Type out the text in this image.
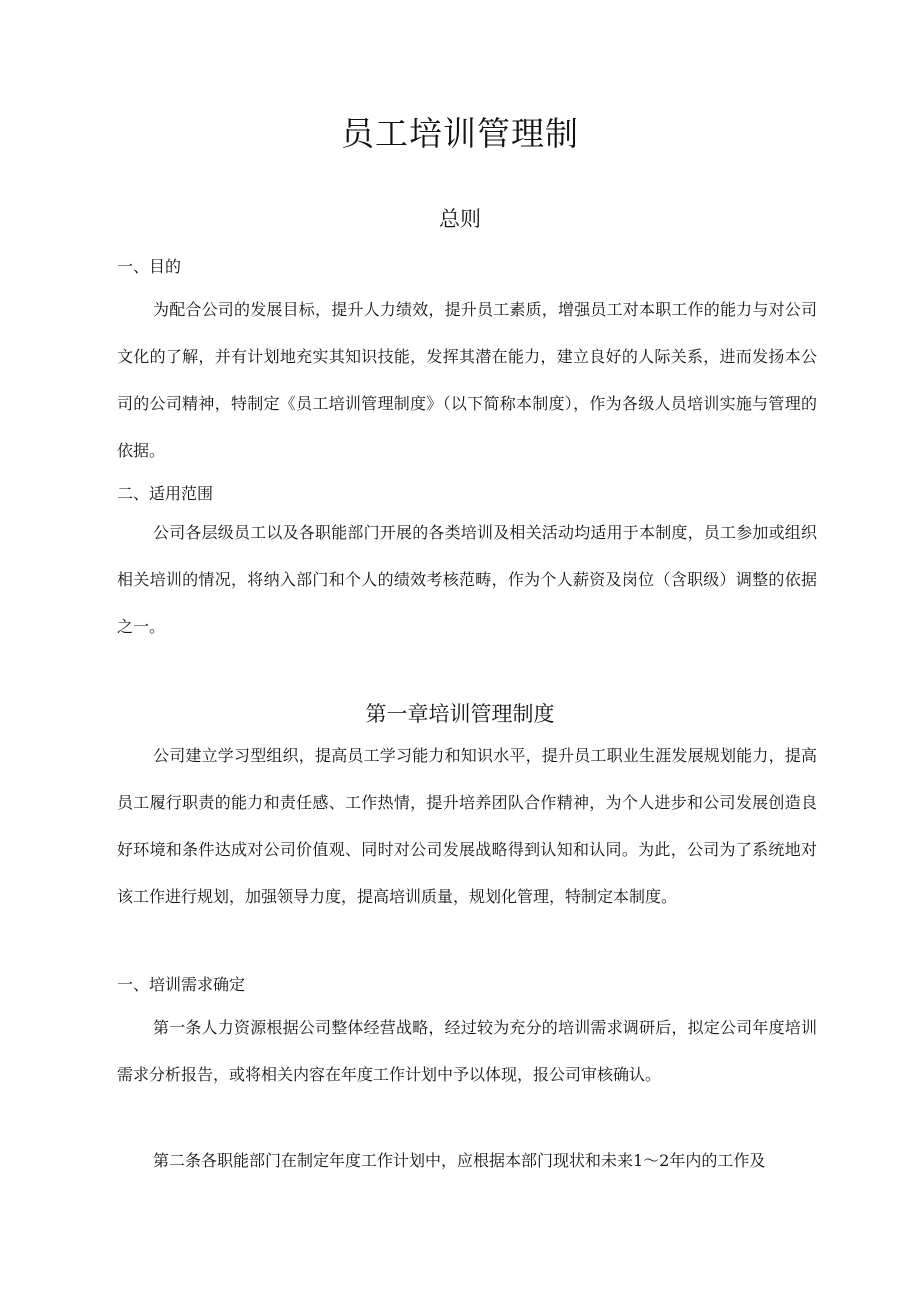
员工培训管理制
总则
一、目的

为配合公司的发展目标，提升人力绩效，提升员工素质，增强员工对本职工作的能力与对公司文化的了解，并有计划地充实其知识技能，发挥其潜在能力，建立良好的人际关系，进而发扬本公司的公司精神，特制定《员工培训管理制度》（以下简称本制度），作为各级人员培训实施与管理的依据。

二、适用范围

公司各层级员工以及各职能部门开展的各类培训及相关活动均适用于本制度，员工参加或组织相关培训的情况，将纳入部门和个人的绩效考核范畴，作为个人薪资及岗位（含职级）调整的依据之一。

第一章培训管理制度

公司建立学习型组织，提高员工学习能力和知识水平，提升员工职业生涯发展规划能力，提高员工履行职责的能力和责任感、工作热情，提升培养团队合作精神，为个人进步和公司发展创造良好环境和条件达成对公司价值观、同时对公司发展战略得到认知和认同。为此，公司为了系统地对该工作进行规划，加强领导力度，提高培训质量，规划化管理，特制定本制度。

一、培训需求确定

第一条人力资源根据公司整体经营战略，经过较为充分的培训需求调研后，拟定公司年度培训需求分析报告，或将相关内容在年度工作计划中予以体现，报公司审核确认。

第二条各职能部门在制定年度工作计划中，应根据本部门现状和未来1～2年内的工作及
